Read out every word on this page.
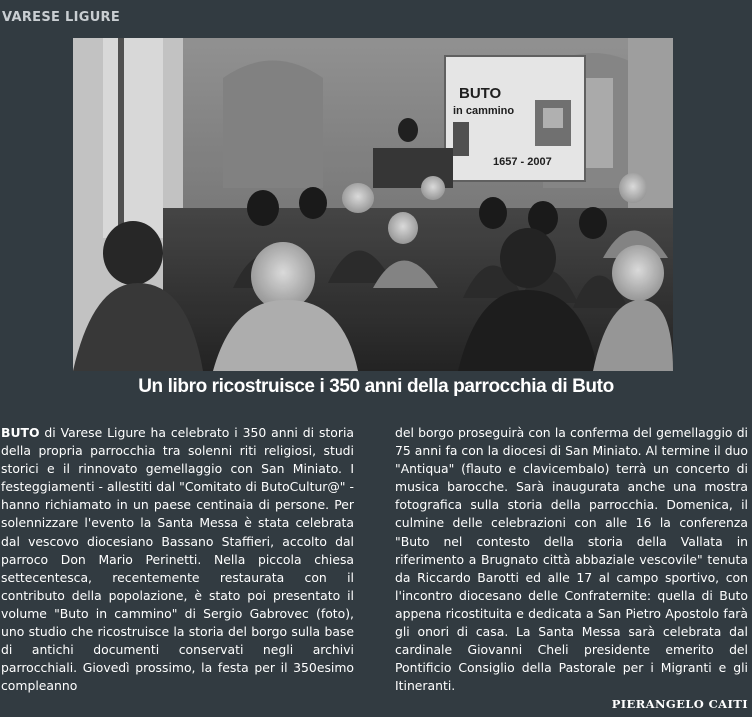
VARESE LIGURE
BUTO
in cammino
1657 - 2007
Un libro ricostruisce i 350 anni della parrocchia di Buto
BUTO di Varese Ligure ha celebrato i 350 anni di storia della propria parrocchia tra solenni riti religiosi, studi storici e il rinnovato gemellaggio con San Miniato. I festeggiamenti - allestiti dal "Comitato di ButoCultur@" - hanno richiamato in un paese centinaia di persone. Per solennizzare l'evento la Santa Messa è stata celebrata dal vescovo diocesiano Bassano Staffieri, accolto dal parroco Don Mario Perinetti. Nella piccola chiesa settecentesca, recentemente restaurata con il contributo della popolazione, è stato poi presentato il volume "Buto in cammino" di Sergio Gabrovec (foto), uno studio che ricostruisce la storia del borgo sulla base di antichi documenti conservati negli archivi parrocchiali. Giovedì prossimo, la festa per il 350esimo compleanno
del borgo proseguirà con la conferma del gemellaggio di 75 anni fa con la diocesi di San Miniato. Al termine il duo "Antiqua" (flauto e clavicembalo) terrà un concerto di musica barocche. Sarà inaugurata anche una mostra fotografica sulla storia della parrocchia. Domenica, il culmine delle celebrazioni con alle 16 la conferenza "Buto nel contesto della storia della Vallata in riferimento a Brugnato città abbaziale vescovile" tenuta da Riccardo Barotti ed alle 17 al campo sportivo, con l'incontro diocesano delle Confraternite: quella di Buto appena ricostituita e dedicata a San Pietro Apostolo farà gli onori di casa. La Santa Messa sarà celebrata dal cardinale Giovanni Cheli presidente emerito del Pontificio Consiglio della Pastorale per i Migranti e gli Itineranti.
PIERANGELO CAITI
